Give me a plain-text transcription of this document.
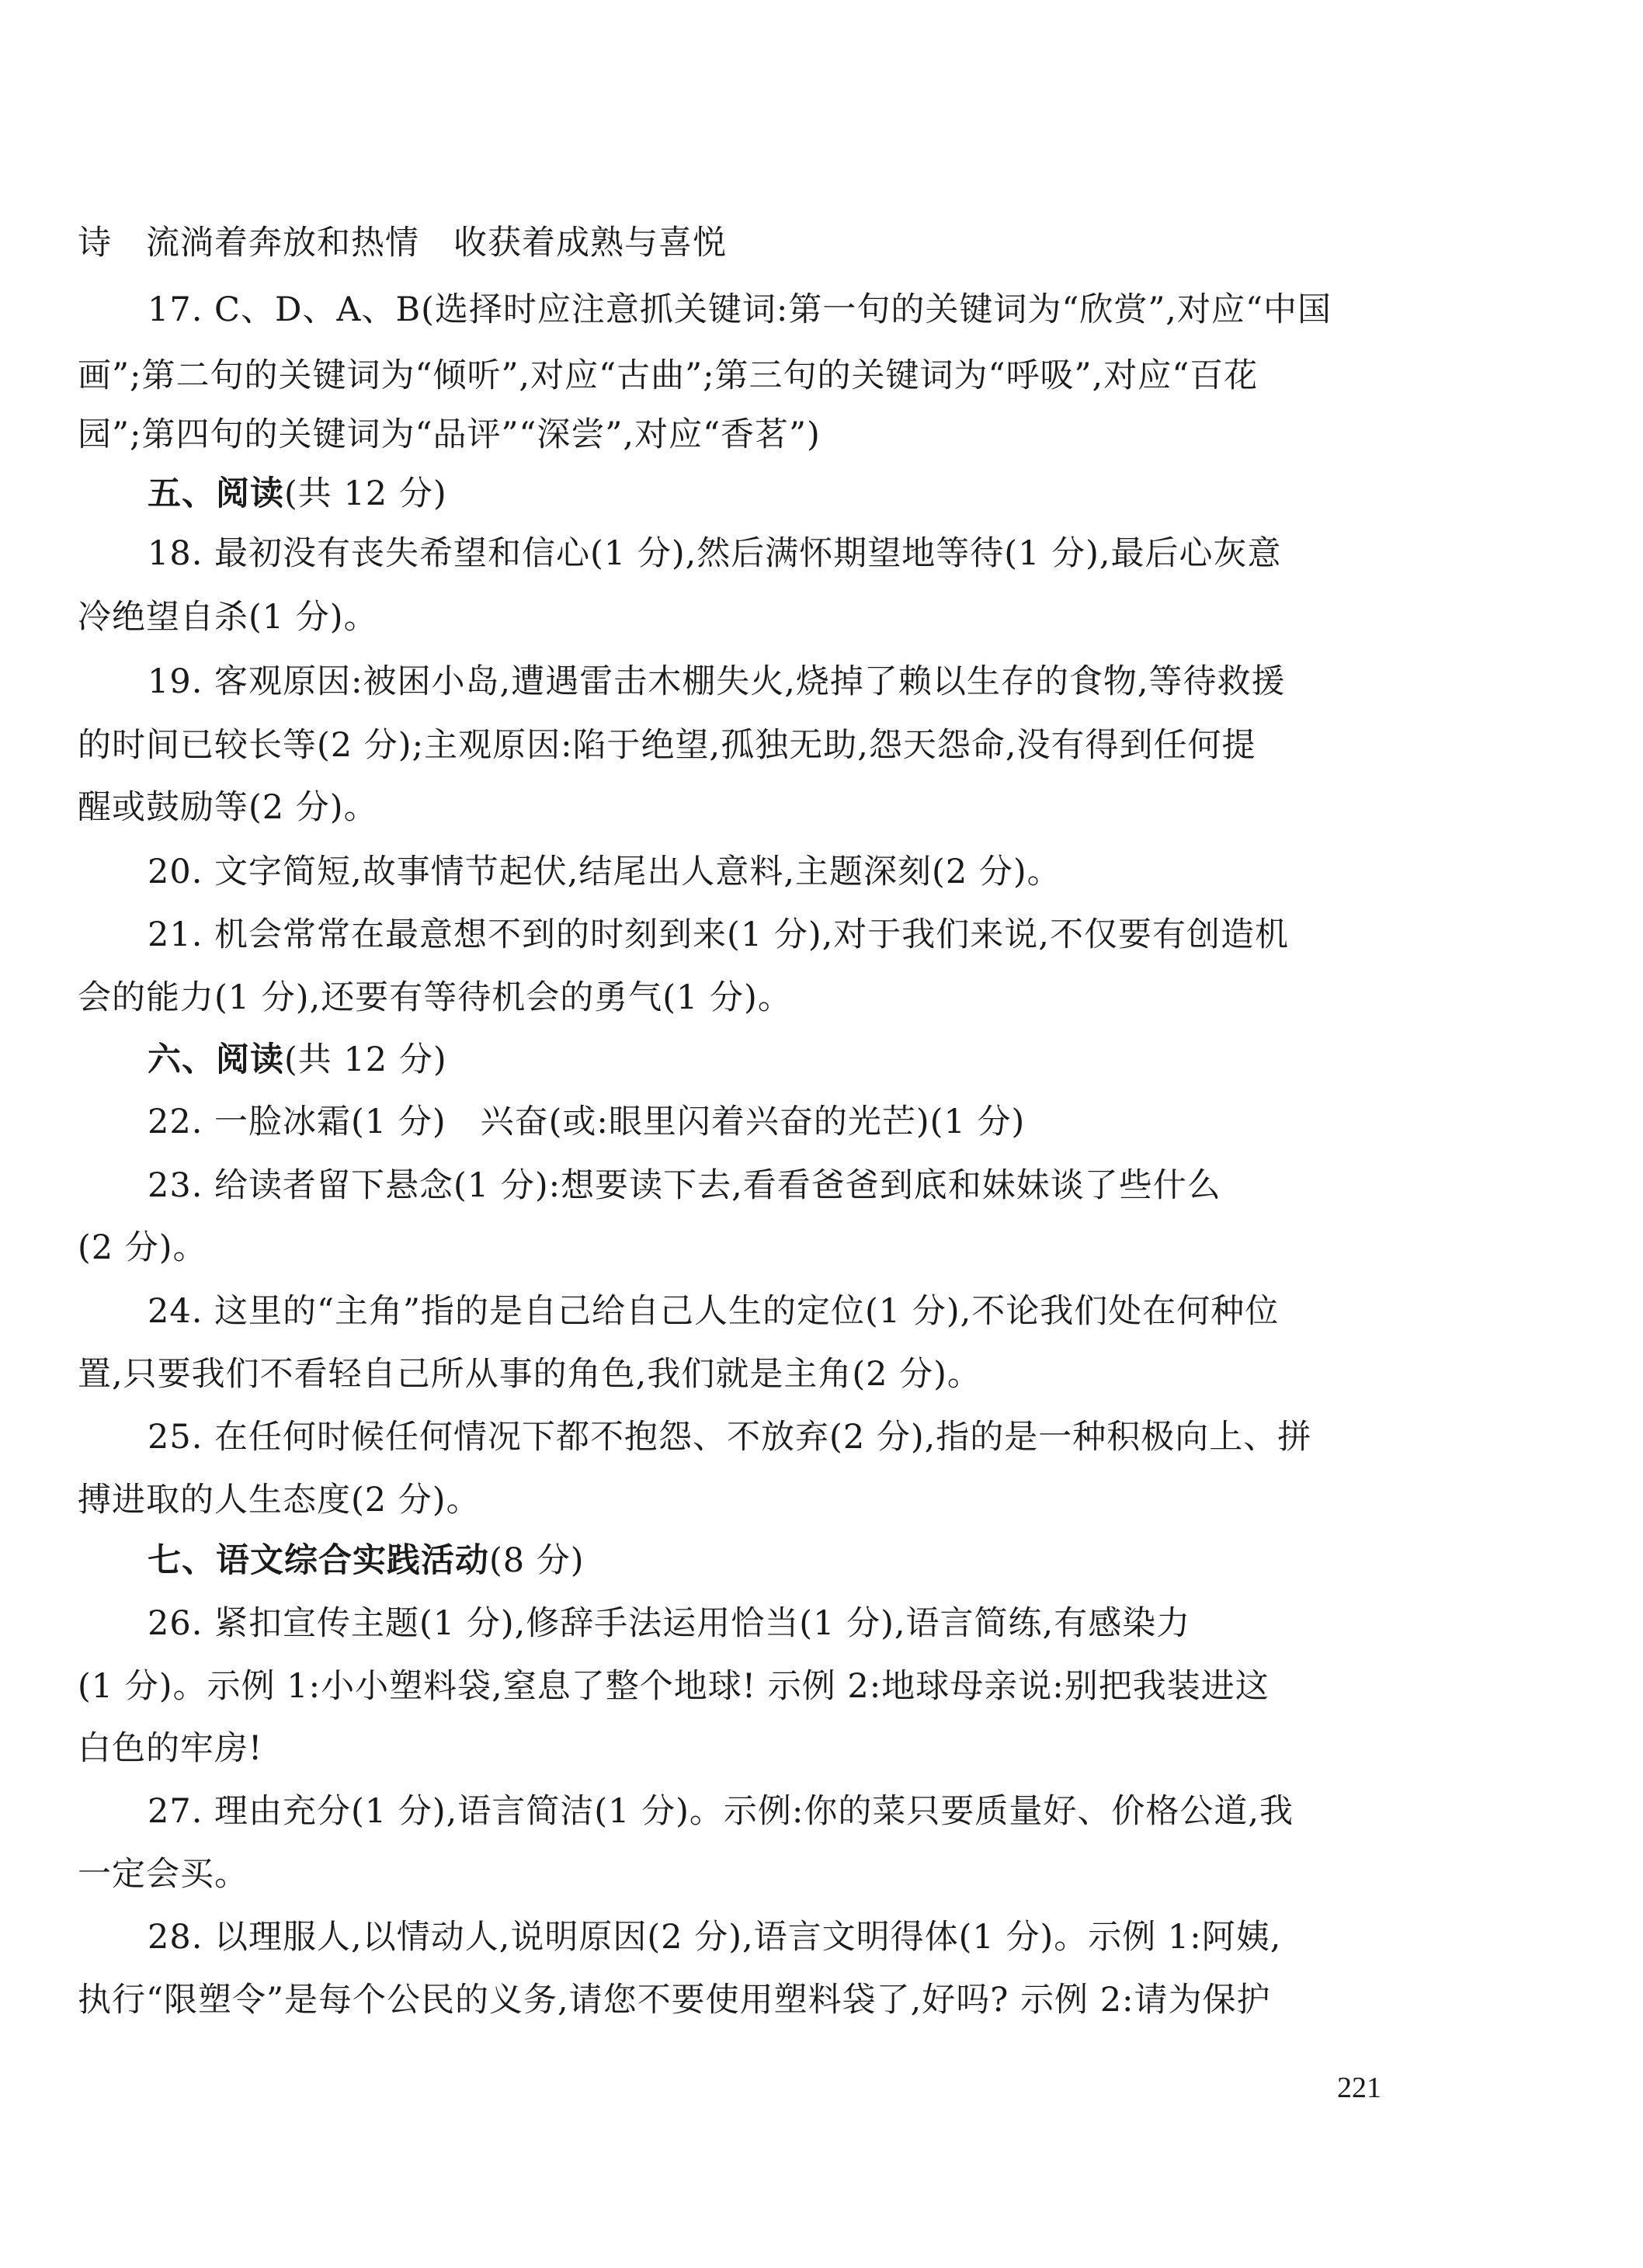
诗　流淌着奔放和热情　收获着成熟与喜悦
17. C、D、A、B(选择时应注意抓关键词:第一句的关键词为“欣赏”,对应“中国
画”;第二句的关键词为“倾听”,对应“古曲”;第三句的关键词为“呼吸”,对应“百花
园”;第四句的关键词为“品评”“深尝”,对应“香茗”)
五、阅读(共 12 分)
18. 最初没有丧失希望和信心(1 分),然后满怀期望地等待(1 分),最后心灰意
冷绝望自杀(1 分)。
19. 客观原因:被困小岛,遭遇雷击木棚失火,烧掉了赖以生存的食物,等待救援
的时间已较长等(2 分);主观原因:陷于绝望,孤独无助,怨天怨命,没有得到任何提
醒或鼓励等(2 分)。
20. 文字简短,故事情节起伏,结尾出人意料,主题深刻(2 分)。
21. 机会常常在最意想不到的时刻到来(1 分),对于我们来说,不仅要有创造机
会的能力(1 分),还要有等待机会的勇气(1 分)。
六、阅读(共 12 分)
22. 一脸冰霜(1 分)　兴奋(或:眼里闪着兴奋的光芒)(1 分)
23. 给读者留下悬念(1 分):想要读下去,看看爸爸到底和妹妹谈了些什么
(2 分)。
24. 这里的“主角”指的是自己给自己人生的定位(1 分),不论我们处在何种位
置,只要我们不看轻自己所从事的角色,我们就是主角(2 分)。
25. 在任何时候任何情况下都不抱怨、不放弃(2 分),指的是一种积极向上、拼
搏进取的人生态度(2 分)。
七、语文综合实践活动(8 分)
26. 紧扣宣传主题(1 分),修辞手法运用恰当(1 分),语言简练,有感染力
(1 分)。示例 1:小小塑料袋,窒息了整个地球! 示例 2:地球母亲说:别把我装进这
白色的牢房!
27. 理由充分(1 分),语言简洁(1 分)。示例:你的菜只要质量好、价格公道,我
一定会买。
28. 以理服人,以情动人,说明原因(2 分),语言文明得体(1 分)。示例 1:阿姨,
执行“限塑令”是每个公民的义务,请您不要使用塑料袋了,好吗? 示例 2:请为保护
221
